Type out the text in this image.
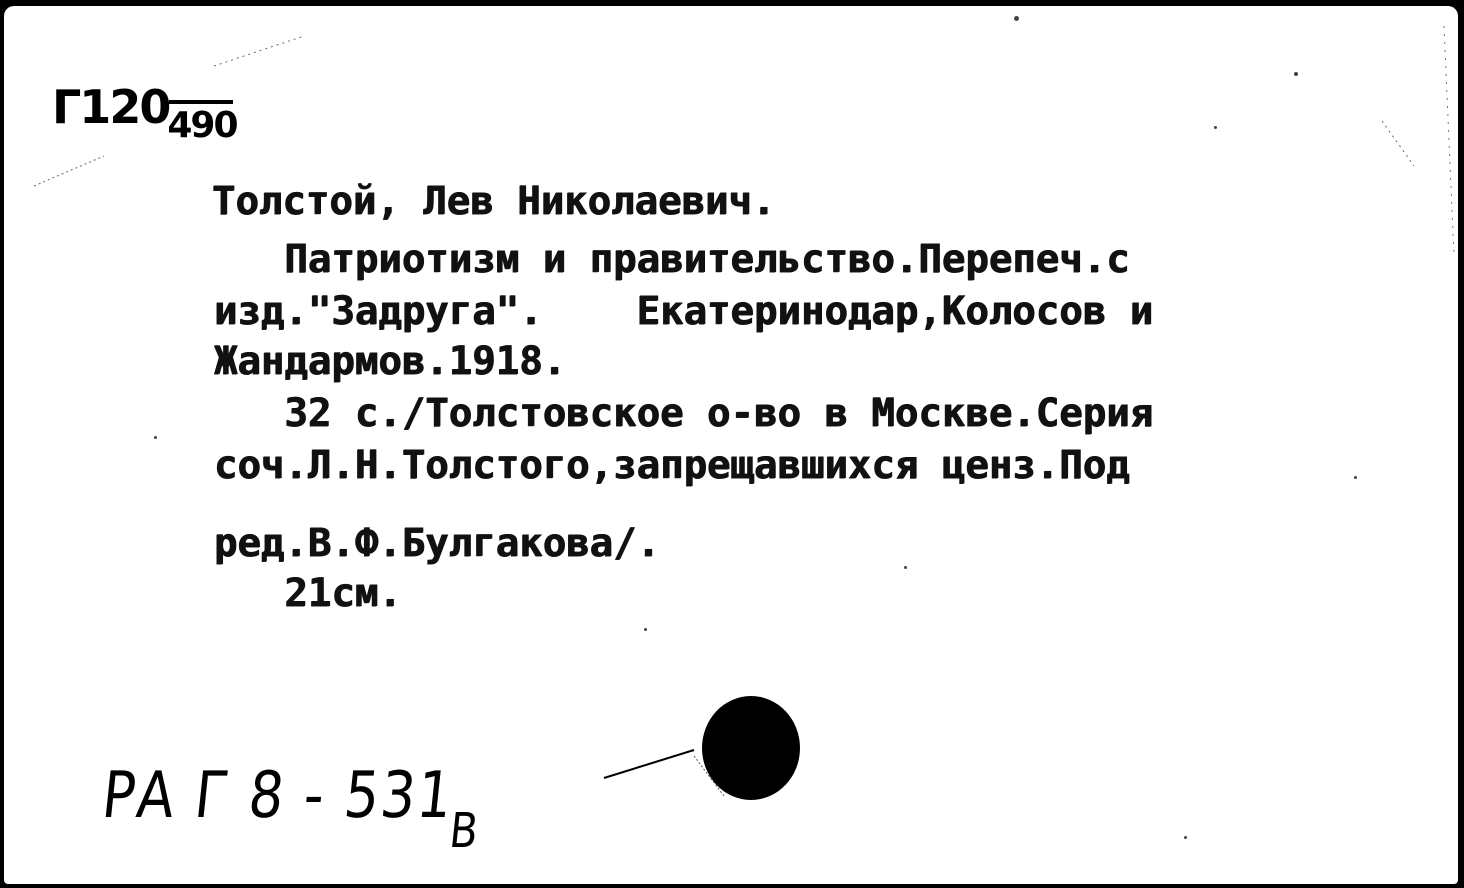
Г120490
Толстой, Лев Николаевич.
Патриотизм и правительство.Перепеч.с
изд."Задруга".    Екатеринодар,Колосов и
Жандармов.1918.
32 с./Толстовское о-во в Москве.Серия
соч.Л.Н.Толстого,запрещавшихся ценз.Под
ред.В.Ф.Булгакова/.
21см.
РА Г $8 - 531_В$
